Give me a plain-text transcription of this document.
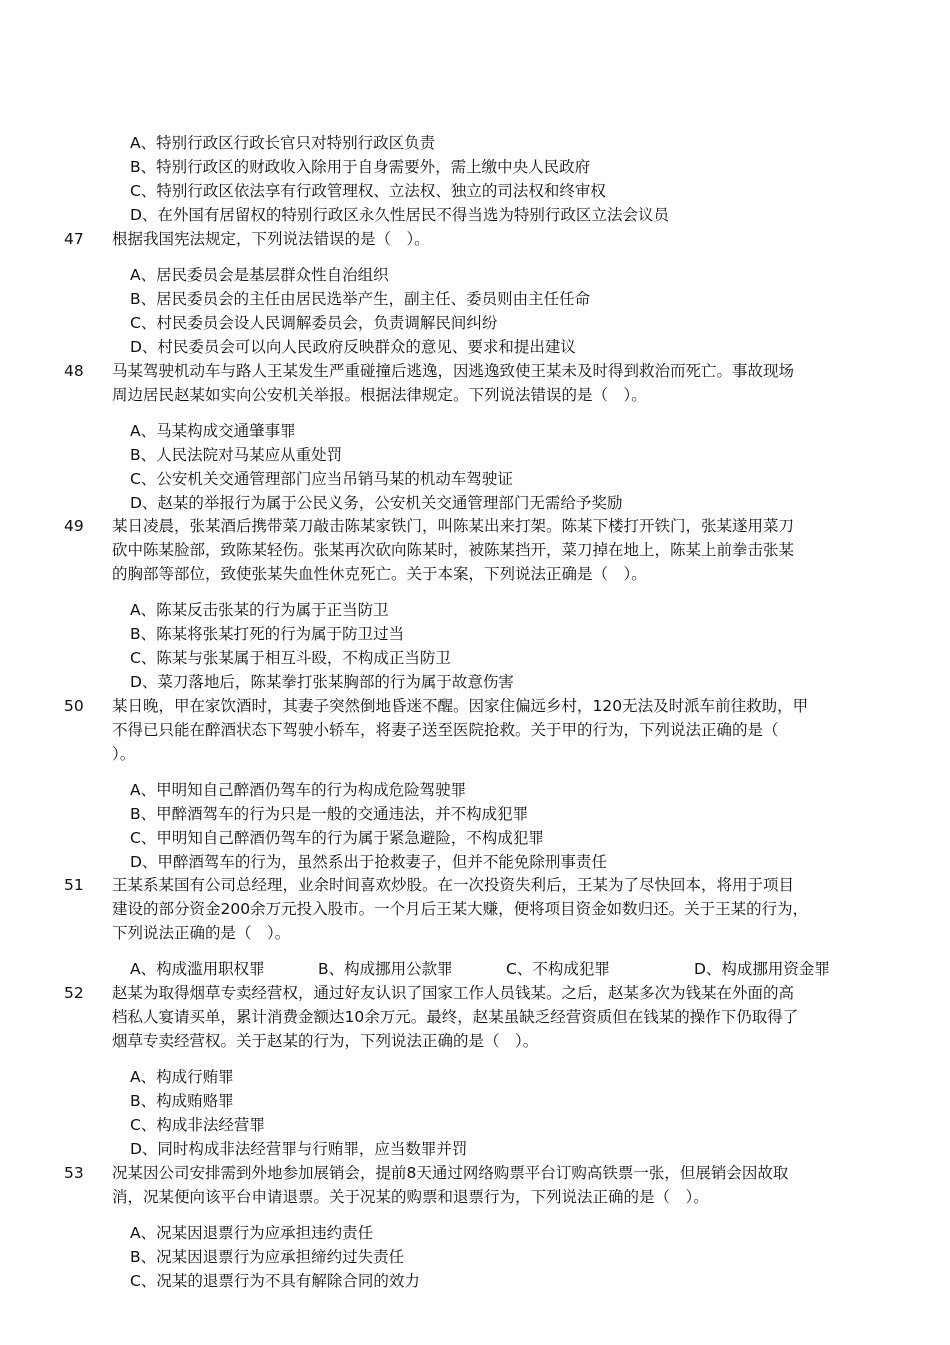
A、特别行政区行政长官只对特别行政区负责
B、特别行政区的财政收入除用于自身需要外，需上缴中央人民政府
C、特别行政区依法享有行政管理权、立法权、独立的司法权和终审权
D、在外国有居留权的特别行政区永久性居民不得当选为特别行政区立法会议员
47	根据我国宪法规定，下列说法错误的是（　）。

A、居民委员会是基层群众性自治组织
B、居民委员会的主任由居民选举产生，副主任、委员则由主任任命
C、村民委员会设人民调解委员会，负责调解民间纠纷
D、村民委员会可以向人民政府反映群众的意见、要求和提出建议
48	马某驾驶机动车与路人王某发生严重碰撞后逃逸，因逃逸致使王某未及时得到救治而死亡。事故现场

周边居民赵某如实向公安机关举报。根据法律规定。下列说法错误的是（　）。

A、马某构成交通肇事罪
B、人民法院对马某应从重处罚
C、公安机关交通管理部门应当吊销马某的机动车驾驶证
D、赵某的举报行为属于公民义务，公安机关交通管理部门无需给予奖励
49	某日凌晨，张某酒后携带菜刀敲击陈某家铁门，叫陈某出来打架。陈某下楼打开铁门，张某遂用菜刀

砍中陈某脸部，致陈某轻伤。张某再次砍向陈某时，被陈某挡开，菜刀掉在地上，陈某上前拳击张某

的胸部等部位，致使张某失血性休克死亡。关于本案，下列说法正确是（　）。

A、陈某反击张某的行为属于正当防卫
B、陈某将张某打死的行为属于防卫过当
C、陈某与张某属于相互斗殴，不构成正当防卫
D、菜刀落地后，陈某拳打张某胸部的行为属于故意伤害
50	某日晚，甲在家饮酒时，其妻子突然倒地昏迷不醒。因家住偏远乡村，120无法及时派车前往救助，甲

不得已只能在醉酒状态下驾驶小轿车，将妻子送至医院抢救。关于甲的行为，下列说法正确的是（

）。

A、甲明知自己醉酒仍驾车的行为构成危险驾驶罪
B、甲醉酒驾车的行为只是一般的交通违法，并不构成犯罪
C、甲明知自己醉酒仍驾车的行为属于紧急避险，不构成犯罪
D、甲醉酒驾车的行为，虽然系出于抢救妻子，但并不能免除刑事责任
51	王某系某国有公司总经理，业余时间喜欢炒股。在一次投资失利后，王某为了尽快回本，将用于项目

建设的部分资金200余万元投入股市。一个月后王某大赚，便将项目资金如数归还。关于王某的行为，

下列说法正确的是（　）。

A、构成滥用职权罪	B、构成挪用公款罪	C、不构成犯罪	D、构成挪用资金罪
52	赵某为取得烟草专卖经营权，通过好友认识了国家工作人员钱某。之后，赵某多次为钱某在外面的高

档私人宴请买单，累计消费金额达10余万元。最终，赵某虽缺乏经营资质但在钱某的操作下仍取得了

烟草专卖经营权。关于赵某的行为，下列说法正确的是（　）。

A、构成行贿罪
B、构成贿赂罪
C、构成非法经营罪
D、同时构成非法经营罪与行贿罪，应当数罪并罚
53	况某因公司安排需到外地参加展销会，提前8天通过网络购票平台订购高铁票一张，但展销会因故取

消，况某便向该平台申请退票。关于况某的购票和退票行为，下列说法正确的是（　）。

A、况某因退票行为应承担违约责任
B、况某因退票行为应承担缔约过失责任
C、况某的退票行为不具有解除合同的效力
